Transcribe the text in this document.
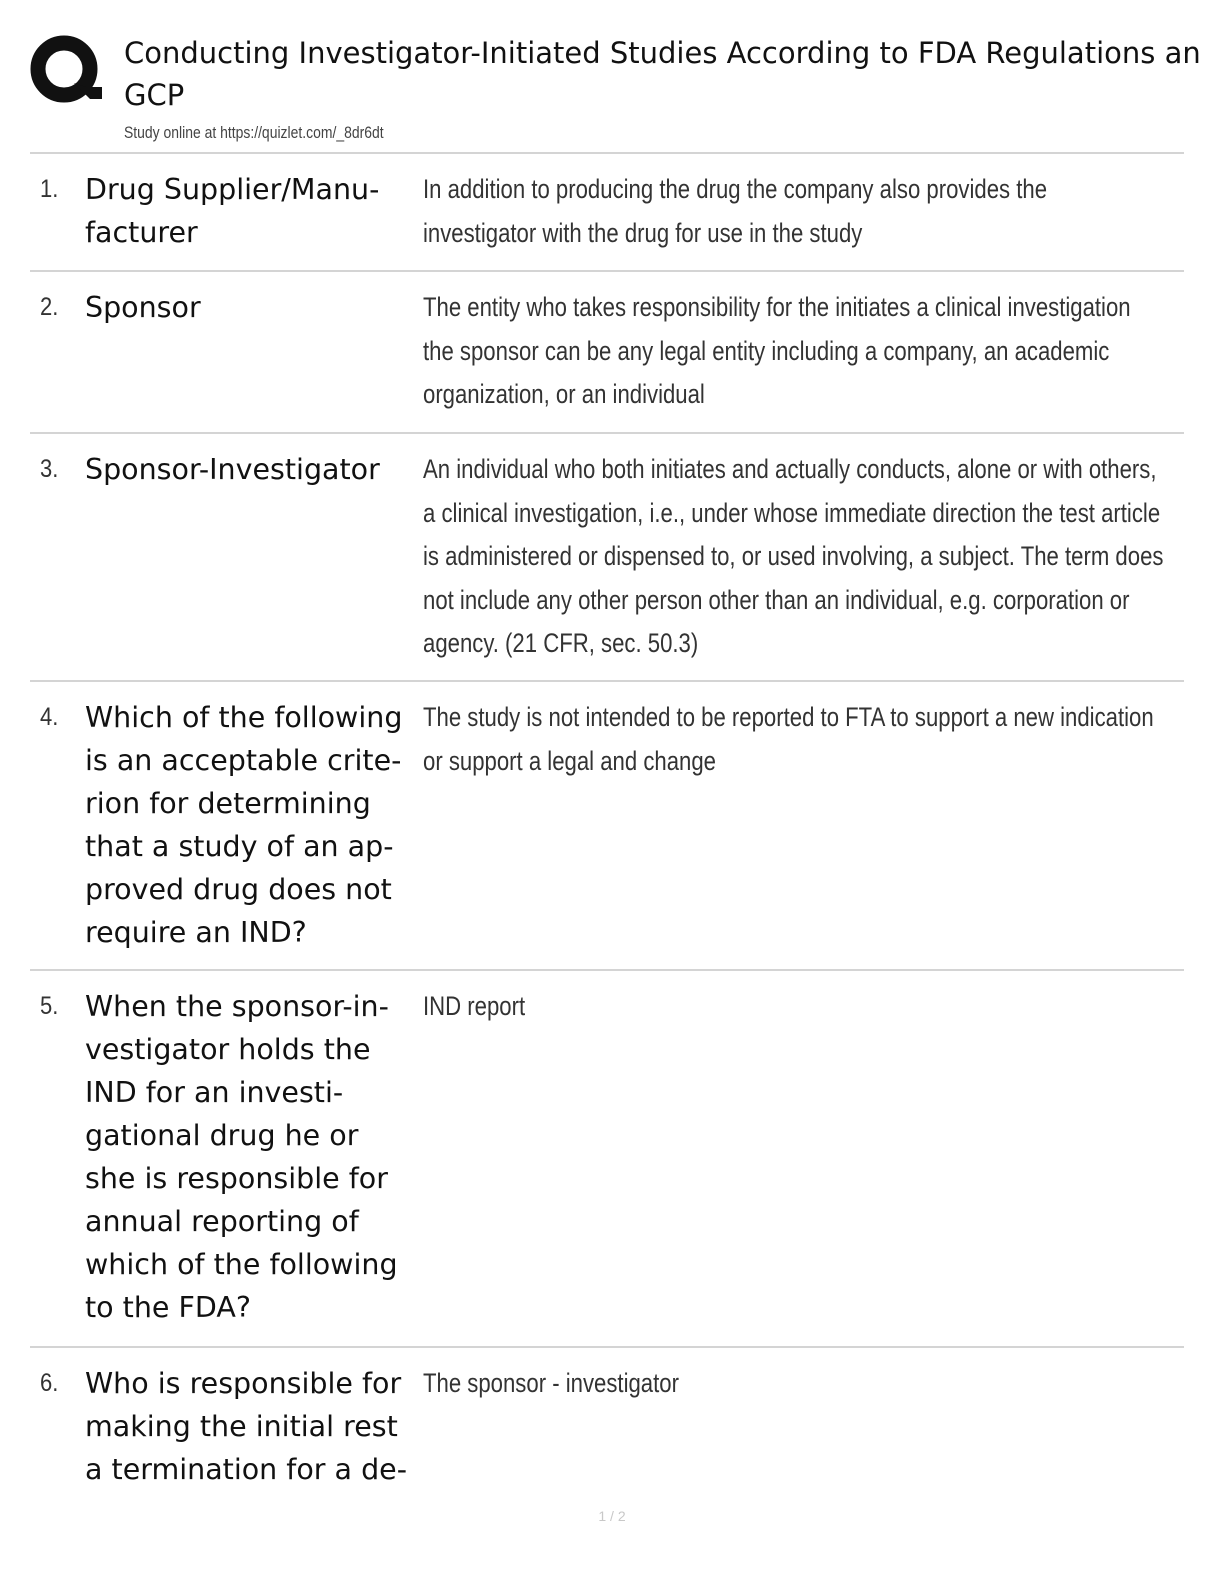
Conducting Investigator-Initiated Studies According to FDA Regulations an
GCP
Study online at https://quizlet.com/_8dr6dt
1. Drug Supplier/Manu-
facturer
In addition to producing the drug the company also provides the investigator with the drug for use in the study
2. Sponsor	The entity who takes responsibility for the initiates a clinical investigation the sponsor can be any legal entity including a company, an academic organization, or an individual
3. Sponsor-Investigator	An individual who both initiates and actually conducts, alone or with others, a clinical investigation, i.e., under whose immediate direction the test article is administered or dispensed to, or used involving, a subject. The term does not include any other person other than an individual, e.g. corporation or agency. (21 CFR, sec. 50.3)
4. Which of the following
is an acceptable crite-
rion for determining
that a study of an ap-
proved drug does not
require an IND?
The study is not intended to be reported to FTA to support a new indication or support a legal and change
5. When the sponsor-in-
vestigator holds the
IND for an investi-
gational drug he or
she is responsible for
annual reporting of
which of the following
to the FDA?
IND report
6. Who is responsible for
making the initial rest
a termination for a de-
The sponsor - investigator
1 / 2
